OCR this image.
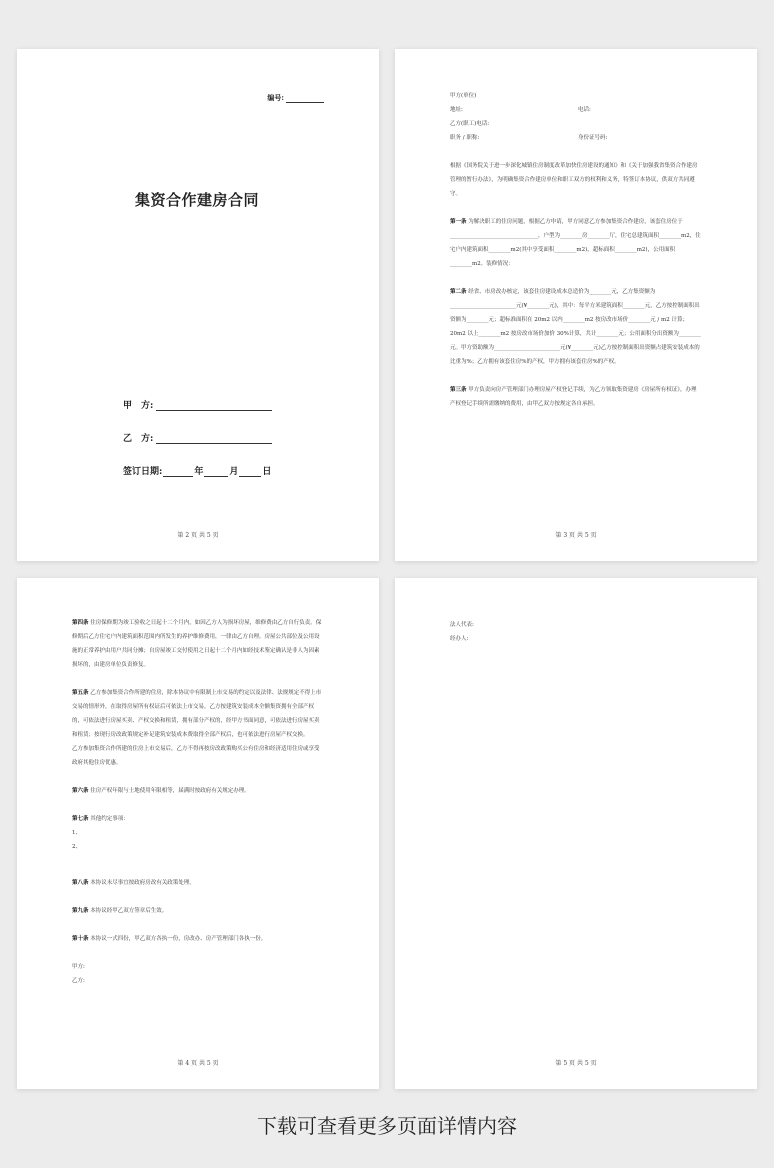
编号:
集资合作建房合同
甲　方:
乙　方:
签订日期:	年	月	日
第 2 页 共 5 页

甲方(单位)

地址:	电话:

乙方(职工)电话:

职务 / 职称:	身份证号码:

根据《国务院关于进一步深化城镇住房制度改革加快住房建设的通知》和《关于加强我省集资合作建房管理的暂行办法》，为明确集资合作建房单位和职工双方的权利和义务，特签订本协议，供双方共同遵守。

第一条 为解决职工的住房问题，根据乙方申请，甲方同意乙方参加集资合作建房，该套住房位于________________________________，户型为________房________厅，住宅总建筑面积________m2，住宅户内建筑面积________m2(其中享受面积________m2)，超标面积________m2)，公用面积________m2。装修情况：

第二条 经省、市房改办核定，该套住房建设成本总造价为________元，乙方集资额为________________________元(¥________元)，其中：每平方米建筑面积________元，乙方按控制面积出资额为________元；超标准面积在 20m2 以内________m2 按房改市场价________元 / m2 计算；20m2 以上________m2 按房改市场价加价 30%计算，共计________元；公用面积分出资额为________元。甲方资助额为________________________元(¥________元)乙方按控制面积出资额占建筑安装成本的比重为%；乙方拥有该套住房%的产权，甲方拥有该套住房%的产权。

第三条 甲方负责向房产管理部门办理房屋产权登记手续，为乙方领取集资建房《房屋所有权证》，办理产权登记手续所需缴纳的费用，由甲乙双方按规定各自承担。

第 3 页 共 5 页

第四条 住房保修期为竣工验收之日起十二个月内，如因乙方人为损坏房屋，维修费由乙方自行负责。保修期后乙方住宅户内建筑面积范围内所发生的养护维修费用，一律由乙方自理。房屋公共部位及公用设施的正常养护由用户共同分摊；自房屋竣工交付使用之日起十二个月内如经技术鉴定确认是非人为因素损坏的，由建房单位负责修复。

第五条 乙方参加集资合作所建的住房，除本协议中有限制上市交易的约定以及法律、法规规定不得上市交易的情形外，在取得房屋所有权证后可依法上市交易。乙方按建筑安装成本全额集资拥有全部产权的，可依法进行房屋买卖、产权交换和租赁，拥有部分产权的，经甲方书面同意，可依法进行房屋买卖和租赁；按现行房改政策规定补足建筑安装成本费取得全部产权后，也可依法进行房屋产权交换。

乙方参加集资合作所建的住房上市交易后，乙方不得再按房改政策购买公有住房和经济适用住房或享受政府其他住房优惠。

第六条 住房产权年限与土地使用年限相等，届满时按政府有关规定办理。

第七条 其他约定事项：

1、

2、

第八条 本协议未尽事宜按政府房改有关政策处理。

第九条 本协议经甲乙双方签章后生效。

第十条 本协议一式四份，甲乙双方各执一份，房改办、房产管理部门各执一份。

甲方:

乙方:

第 4 页 共 5 页

法人代表:

经办人:

第 5 页 共 5 页
下载可查看更多页面详情内容
